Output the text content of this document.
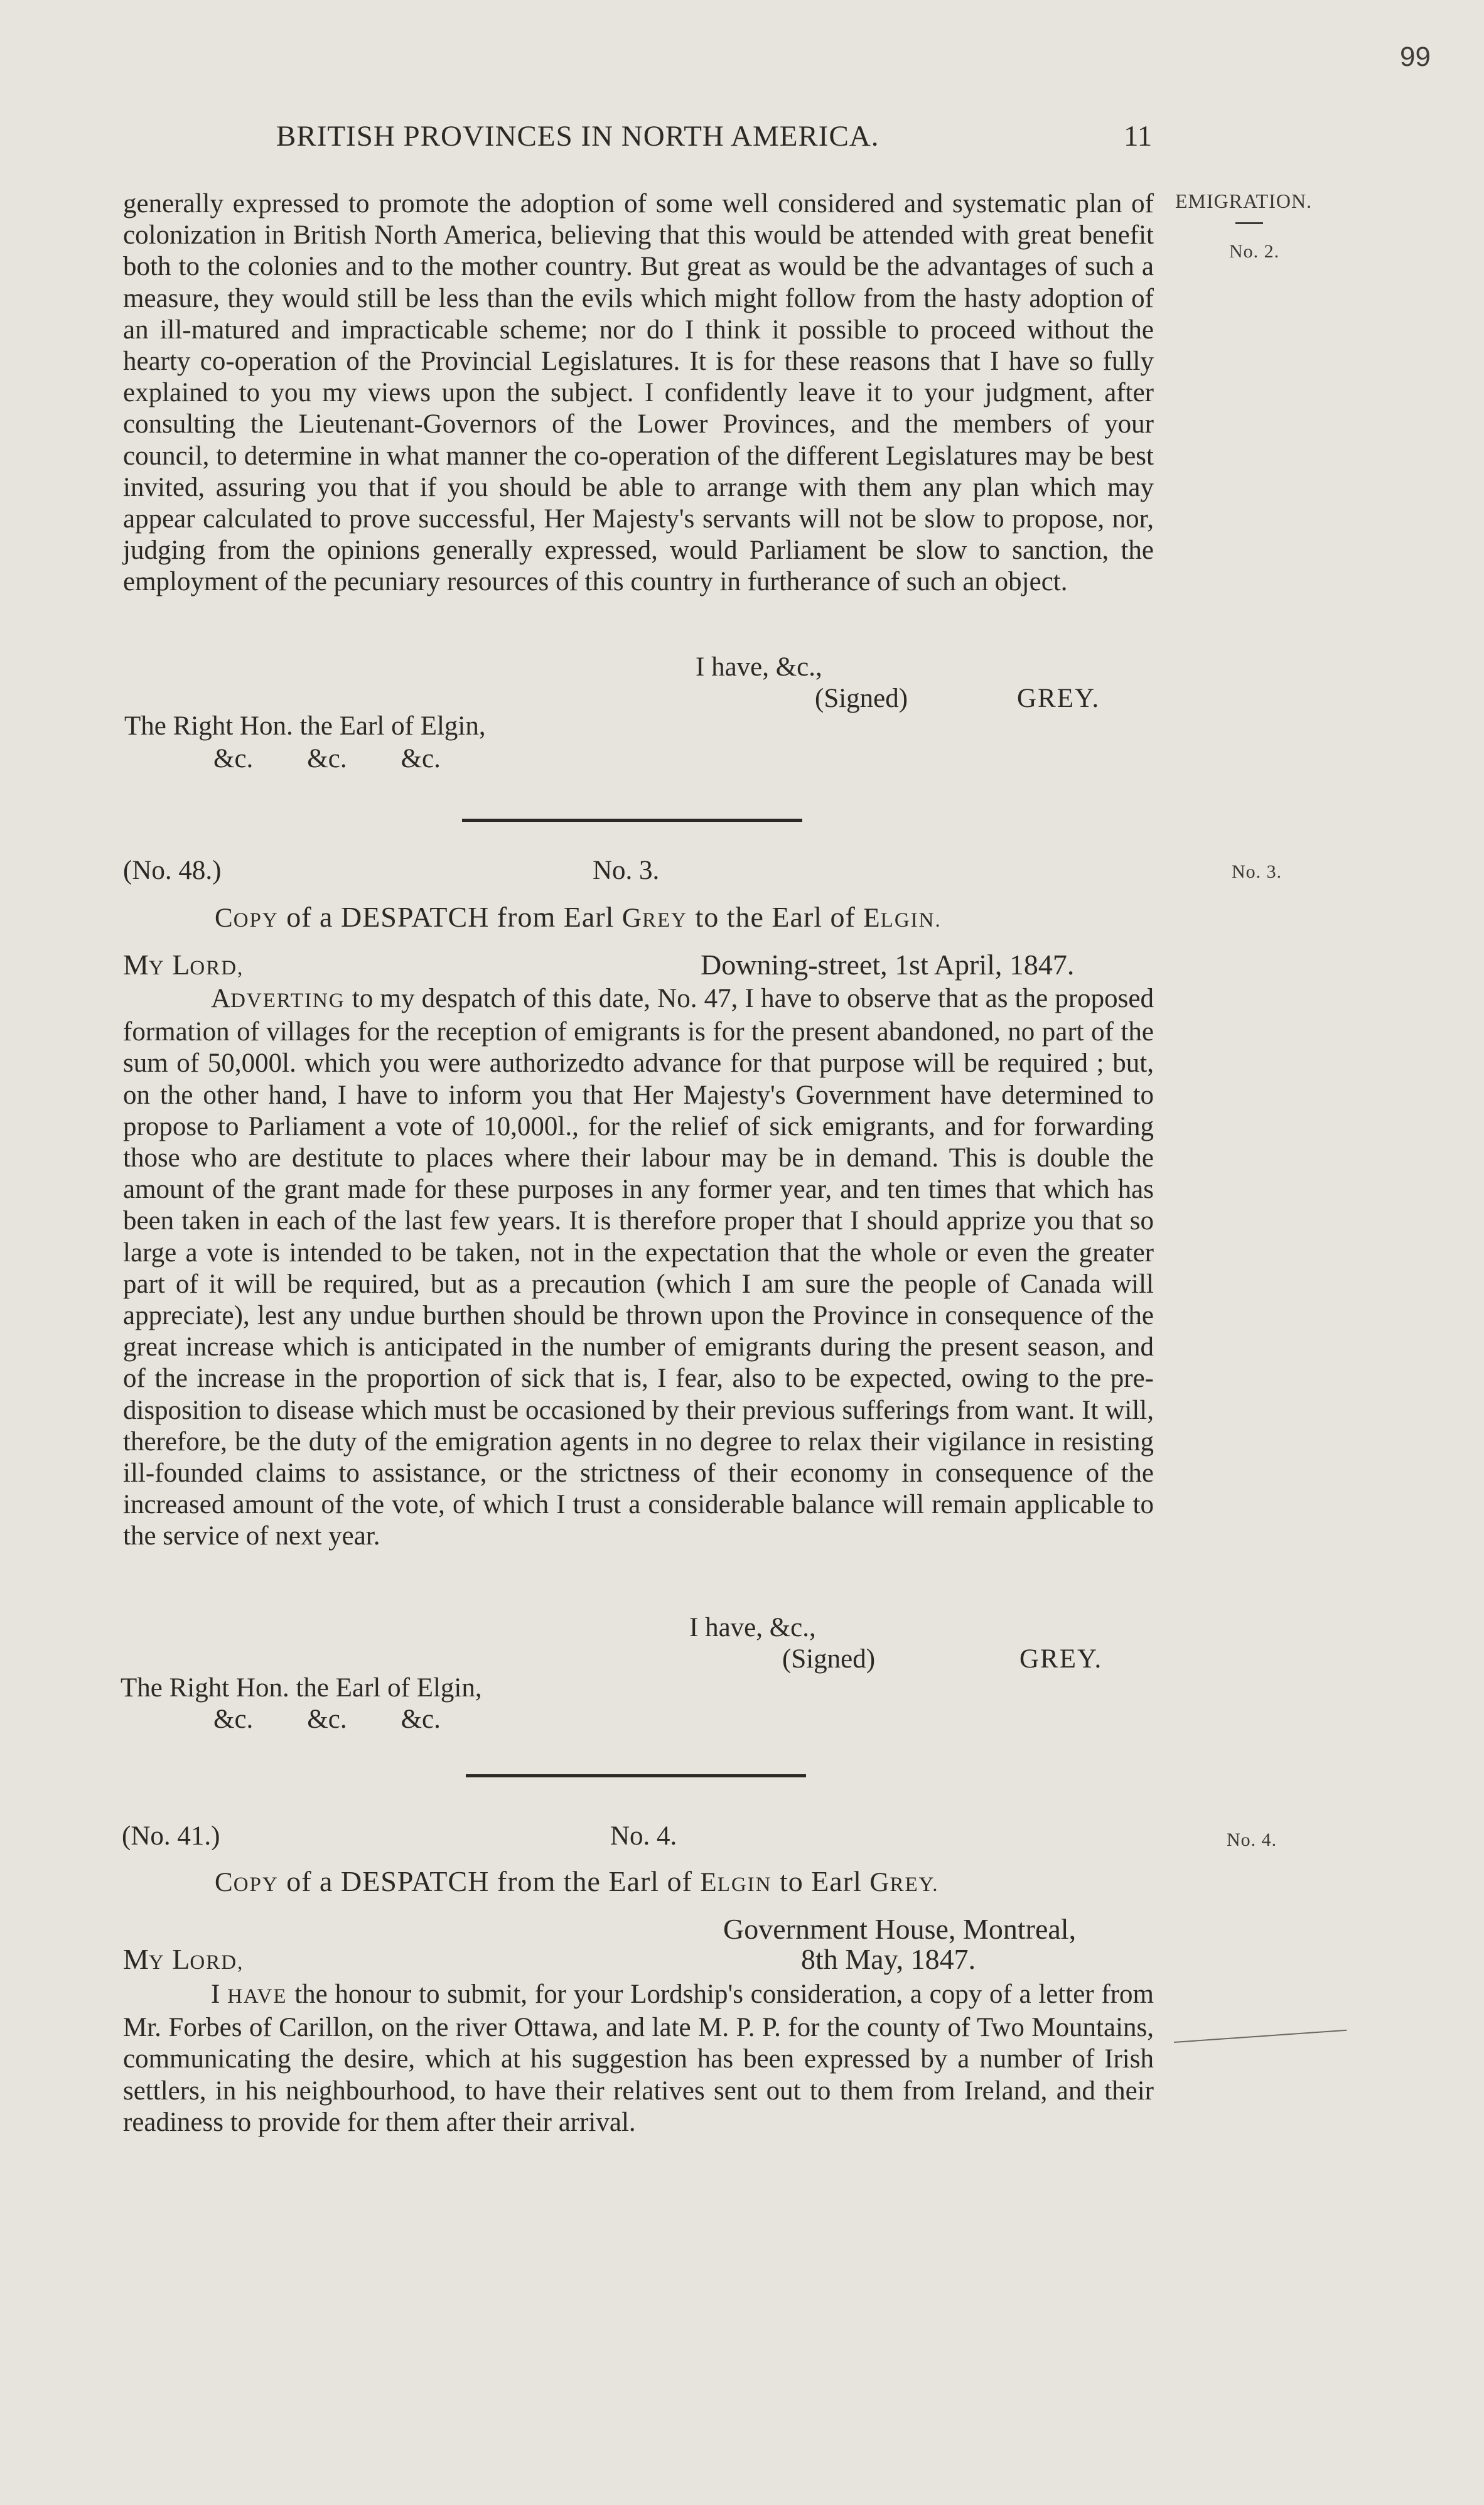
99
BRITISH PROVINCES IN NORTH AMERICA.	11
EMIGRATION.
No. 2.

generally expressed to promote the adoption of some well considered and systematic plan of colonization in British North America, believing that this would be attended with great benefit both to the colonies and to the mother country. But great as would be the advantages of such a measure, they would still be less than the evils which might follow from the hasty adoption of an ill-matured and impracticable scheme; nor do I think it possible to proceed without the hearty co-operation of the Provincial Legislatures. It is for these reasons that I have so fully explained to you my views upon the subject. I confidently leave it to your judgment, after consulting the Lieutenant-Governors of the Lower Provinces, and the members of your council, to determine in what manner the co-operation of the different Legislatures may be best invited, assuring you that if you should be able to arrange with them any plan which may appear calculated to prove successful, Her Majesty's servants will not be slow to propose, nor, judging from the opinions generally expressed, would Parliament be slow to sanction, the employment of the pecuniary resources of this country in furtherance of such an object.

I have, &c.,
(Signed)	GREY.
The Right Hon. the Earl of Elgin,
&c.        &c.        &c.
(No. 48.)	No. 3.	No. 3.
COPY of a DESPATCH from Earl GREY to the Earl of ELGIN.
MY LORD,	Downing-street, 1st April, 1847.

ADVERTING to my despatch of this date, No. 47, I have to observe that as the proposed formation of villages for the reception of emigrants is for the present abandoned, no part of the sum of 50,000l. which you were authorizedto advance for that purpose will be required ; but, on the other hand, I have to inform you that Her Majesty's Government have determined to propose to Parliament a vote of 10,000l., for the relief of sick emigrants, and for forwarding those who are destitute to places where their labour may be in demand. This is double the amount of the grant made for these purposes in any former year, and ten times that which has been taken in each of the last few years. It is therefore proper that I should apprize you that so large a vote is intended to be taken, not in the expectation that the whole or even the greater part of it will be required, but as a precaution (which I am sure the people of Canada will appreciate), lest any undue burthen should be thrown upon the Province in consequence of the great increase which is anticipated in the number of emigrants during the present season, and of the increase in the proportion of sick that is, I fear, also to be expected, owing to the pre-disposition to disease which must be occasioned by their previous sufferings from want. It will, therefore, be the duty of the emigration agents in no degree to relax their vigilance in resisting ill-founded claims to assistance, or the strictness of their economy in consequence of the increased amount of the vote, of which I trust a considerable balance will remain applicable to the service of next year.

I have, &c.,
(Signed)	GREY.
The Right Hon. the Earl of Elgin,
&c.        &c.        &c.
(No. 41.)	No. 4.	No. 4.
COPY of a DESPATCH from the Earl of ELGIN to Earl GREY.
Government House, Montreal,
MY LORD,	8th May, 1847.

I HAVE the honour to submit, for your Lordship's consideration, a copy of a letter from Mr. Forbes of Carillon, on the river Ottawa, and late M. P. P. for the county of Two Mountains, communicating the desire, which at his suggestion has been expressed by a number of Irish settlers, in his neighbourhood, to have their relatives sent out to them from Ireland, and their readiness to provide for them after their arrival.
